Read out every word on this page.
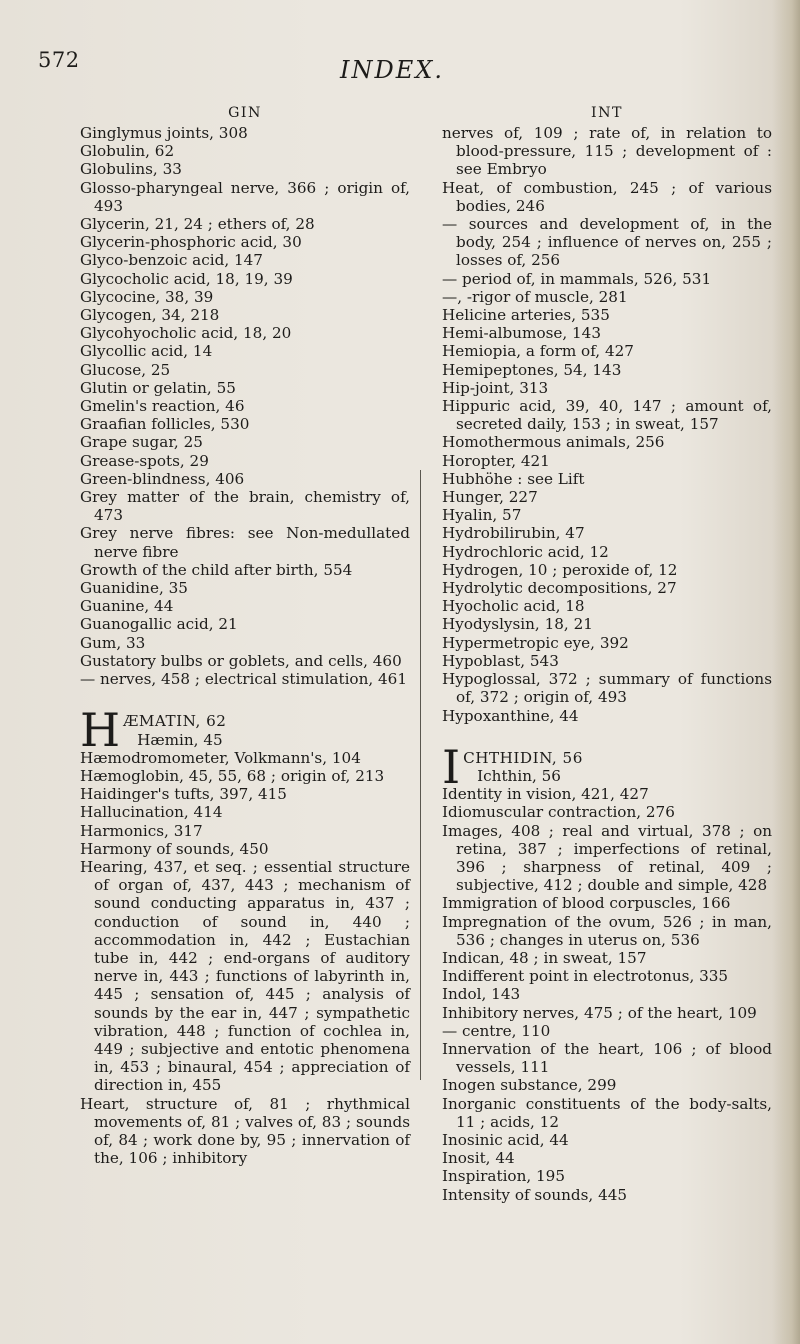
572	INDEX.
GIN
Ginglymus joints, 308
Globulin, 62
Globulins, 33
Glosso-pharyngeal nerve, 366 ; origin of, 493
Glycerin, 21, 24 ; ethers of, 28
Glycerin-phosphoric acid, 30
Glyco-benzoic acid, 147
Glycocholic acid, 18, 19, 39
Glycocine, 38, 39
Glycogen, 34, 218
Glycohyocholic acid, 18, 20
Glycollic acid, 14
Glucose, 25
Glutin or gelatin, 55
Gmelin's reaction, 46
Graafian follicles, 530
Grape sugar, 25
Grease-spots, 29
Green-blindness, 406
Grey matter of the brain, chemistry of, 473
Grey nerve fibres: see Non-medullated nerve fibre
Growth of the child after birth, 554
Guanidine, 35
Guanine, 44
Guanogallic acid, 21
Gum, 33
Gustatory bulbs or goblets, and cells, 460
— nerves, 458 ; electrical stimulation, 461
H ÆMATIN, 62
Hæmin, 45
Hæmodromometer, Volkmann's, 104
Hæmoglobin, 45, 55, 68 ; origin of, 213
Haidinger's tufts, 397, 415
Hallucination, 414
Harmonics, 317
Harmony of sounds, 450
Hearing, 437, et seq. ; essential structure of organ of, 437, 443 ; mechanism of sound conducting apparatus in, 437 ; conduction of sound in, 440 ; accommodation in, 442 ; Eustachian tube in, 442 ; end-organs of auditory nerve in, 443 ; functions of labyrinth in, 445 ; sensation of, 445 ; analysis of sounds by the ear in, 447 ; sympathetic vibration, 448 ; function of cochlea in, 449 ; subjective and entotic phenomena in, 453 ; binaural, 454 ; appreciation of direction in, 455
Heart, structure of, 81 ; rhythmical movements of, 81 ; valves of, 83 ; sounds of, 84 ; work done by, 95 ; innervation of the, 106 ; inhibitory
INT
nerves of, 109 ; rate of, in relation to blood-pressure, 115 ; development of : see Embryo
Heat, of combustion, 245 ; of various bodies, 246
— sources and development of, in the body, 254 ; influence of nerves on, 255 ; losses of, 256
— period of, in mammals, 526, 531
—, -rigor of muscle, 281
Helicine arteries, 535
Hemi-albumose, 143
Hemiopia, a form of, 427
Hemipeptones, 54, 143
Hip-joint, 313
Hippuric acid, 39, 40, 147 ; amount of, secreted daily, 153 ; in sweat, 157
Homothermous animals, 256
Horopter, 421
Hubhöhe : see Lift
Hunger, 227
Hyalin, 57
Hydrobilirubin, 47
Hydrochloric acid, 12
Hydrogen, 10 ; peroxide of, 12
Hydrolytic decompositions, 27
Hyocholic acid, 18
Hyodyslysin, 18, 21
Hypermetropic eye, 392
Hypoblast, 543
Hypoglossal, 372 ; summary of functions of, 372 ; origin of, 493
Hypoxanthine, 44
I CHTHIDIN, 56
Ichthin, 56
Identity in vision, 421, 427
Idiomuscular contraction, 276
Images, 408 ; real and virtual, 378 ; on retina, 387 ; imperfections of retinal, 396 ; sharpness of retinal, 409 ; subjective, 412 ; double and simple, 428
Immigration of blood corpuscles, 166
Impregnation of the ovum, 526 ; in man, 536 ; changes in uterus on, 536
Indican, 48 ; in sweat, 157
Indifferent point in electrotonus, 335
Indol, 143
Inhibitory nerves, 475 ; of the heart, 109
— centre, 110
Innervation of the heart, 106 ; of blood vessels, 111
Inogen substance, 299
Inorganic constituents of the body-salts, 11 ; acids, 12
Inosinic acid, 44
Inosit, 44
Inspiration, 195
Intensity of sounds, 445
